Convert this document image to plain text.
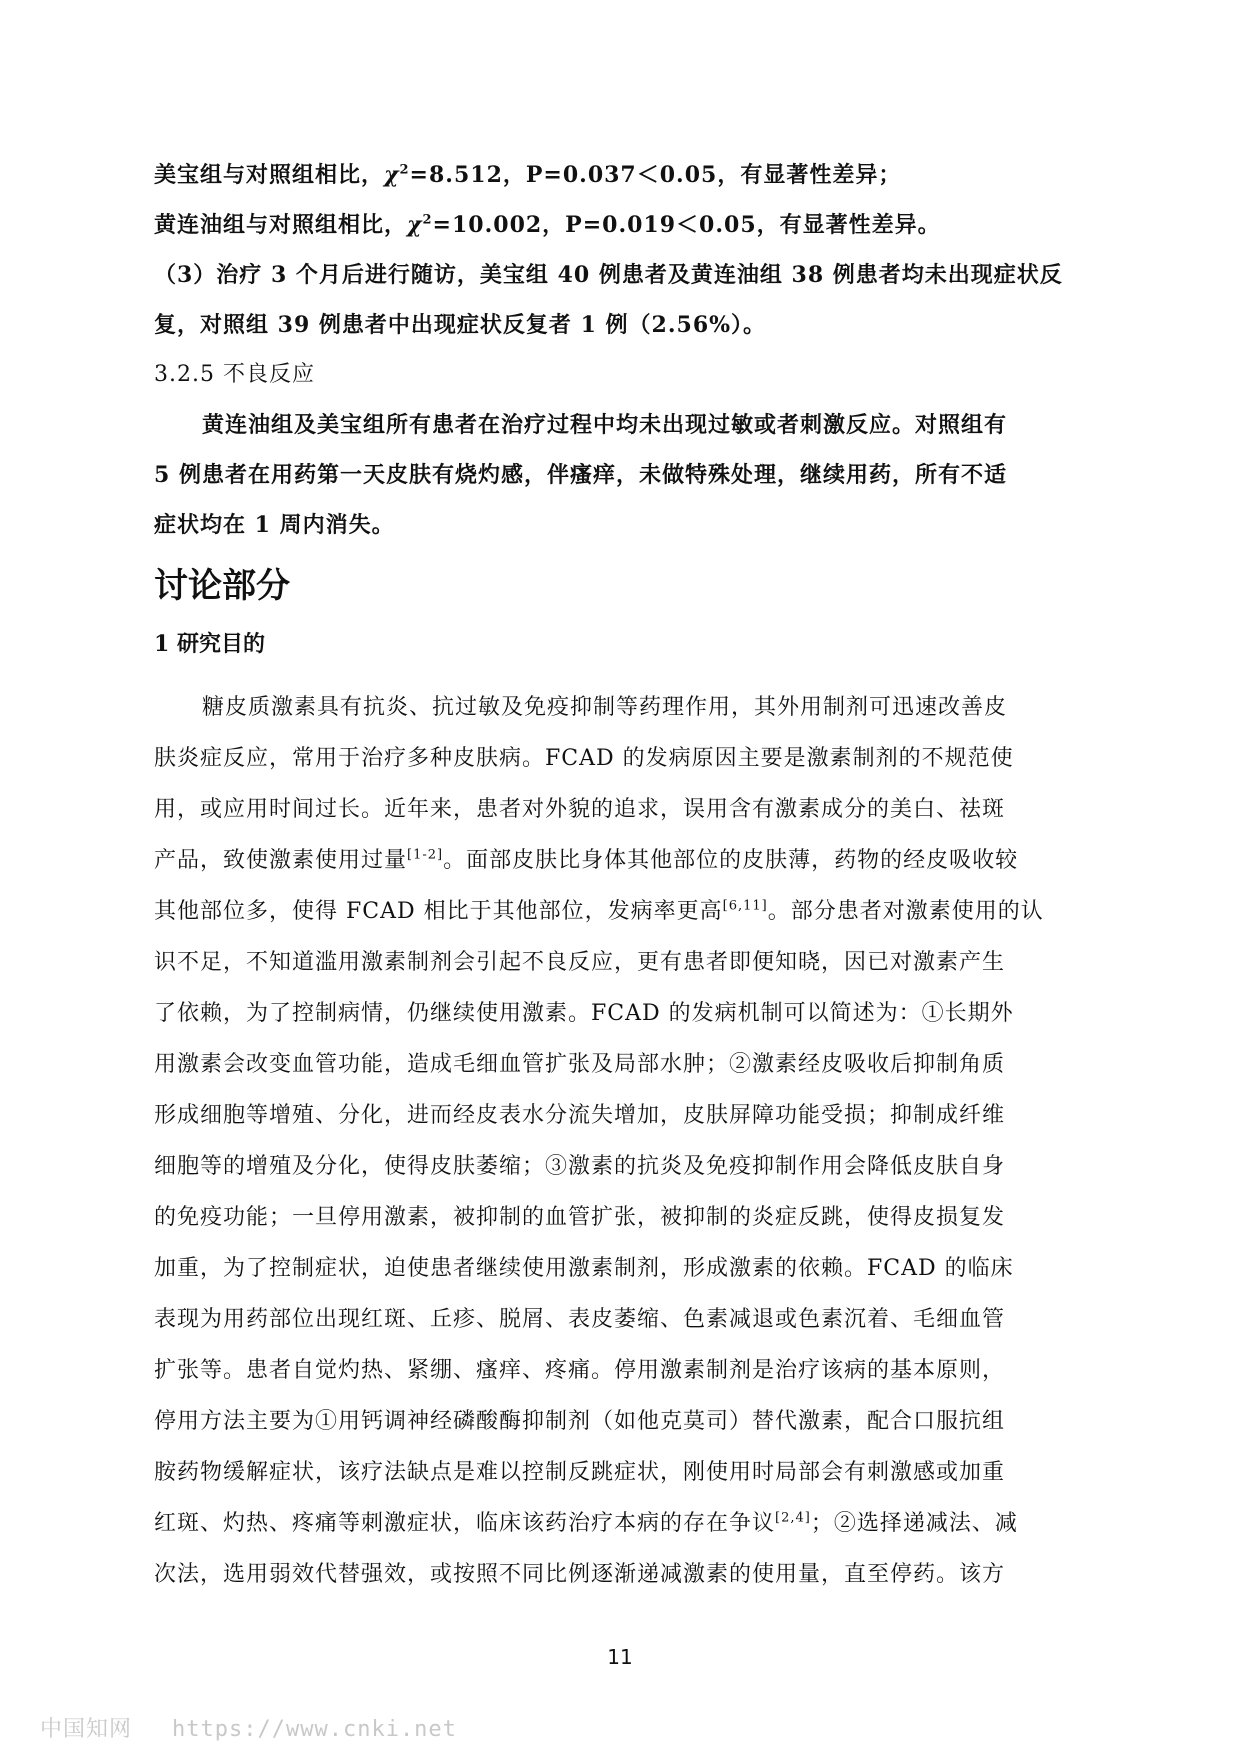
美宝组与对照组相比，$\chi^2=8.512$，P=0.037＜0.05，有显著性差异；
黄连油组与对照组相比，$\chi^2=10.002$，P=0.019＜0.05，有显著性差异。
（3）治疗 3 个月后进行随访，美宝组 40 例患者及黄连油组 38 例患者均未出现症状反
复，对照组 39 例患者中出现症状反复者 1 例（2.56%）。
3.2.5 不良反应
黄连油组及美宝组所有患者在治疗过程中均未出现过敏或者刺激反应。对照组有
5 例患者在用药第一天皮肤有烧灼感，伴瘙痒，未做特殊处理，继续用药，所有不适
症状均在 1 周内消失。
讨论部分
1 研究目的
糖皮质激素具有抗炎、抗过敏及免疫抑制等药理作用，其外用制剂可迅速改善皮
肤炎症反应，常用于治疗多种皮肤病。FCAD 的发病原因主要是激素制剂的不规范使
用，或应用时间过长。近年来，患者对外貌的追求，误用含有激素成分的美白、祛斑
产品，致使激素使用过量[1-2]。面部皮肤比身体其他部位的皮肤薄，药物的经皮吸收较
其他部位多，使得 FCAD 相比于其他部位，发病率更高[6,11]。部分患者对激素使用的认
识不足，不知道滥用激素制剂会引起不良反应，更有患者即便知晓，因已对激素产生
了依赖，为了控制病情，仍继续使用激素。FCAD 的发病机制可以简述为：①长期外
用激素会改变血管功能，造成毛细血管扩张及局部水肿；②激素经皮吸收后抑制角质
形成细胞等增殖、分化，进而经皮表水分流失增加，皮肤屏障功能受损；抑制成纤维
细胞等的增殖及分化，使得皮肤萎缩；③激素的抗炎及免疫抑制作用会降低皮肤自身
的免疫功能；一旦停用激素，被抑制的血管扩张，被抑制的炎症反跳，使得皮损复发
加重，为了控制症状，迫使患者继续使用激素制剂，形成激素的依赖。FCAD 的临床
表现为用药部位出现红斑、丘疹、脱屑、表皮萎缩、色素减退或色素沉着、毛细血管
扩张等。患者自觉灼热、紧绷、瘙痒、疼痛。停用激素制剂是治疗该病的基本原则，
停用方法主要为①用钙调神经磷酸酶抑制剂（如他克莫司）替代激素，配合口服抗组
胺药物缓解症状，该疗法缺点是难以控制反跳症状，刚使用时局部会有刺激感或加重
红斑、灼热、疼痛等刺激症状，临床该药治疗本病的存在争议[2,4]；②选择递减法、减
次法，选用弱效代替强效，或按照不同比例逐渐递减激素的使用量，直至停药。该方
11
中国知网 https://www.cnki.net
